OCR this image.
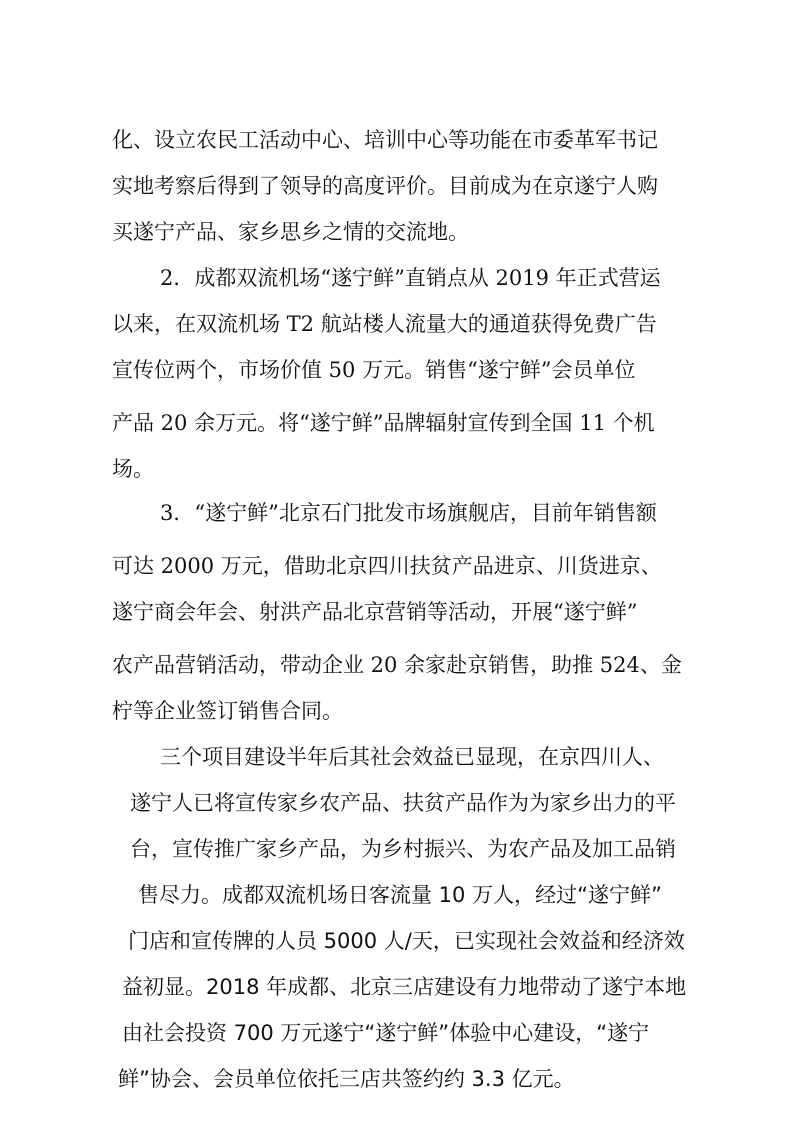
化、设立农民工活动中心、培训中心等功能在市委革军书记
实地考察后得到了领导的高度评价。目前成为在京遂宁人购
买遂宁产品、家乡思乡之情的交流地。
2．成都双流机场“遂宁鲜”直销点从 2019 年正式营运
以来，在双流机场 T2 航站楼人流量大的通道获得免费广告
宣传位两个，市场价值 50 万元。销售“遂宁鲜”会员单位
产品 20 余万元。将“遂宁鲜”品牌辐射宣传到全国 11 个机
场。
3．“遂宁鲜”北京石门批发市场旗舰店，目前年销售额
可达 2000 万元，借助北京四川扶贫产品进京、川货进京、
遂宁商会年会、射洪产品北京营销等活动，开展“遂宁鲜”
农产品营销活动，带动企业 20 余家赴京销售，助推 524、金
柠等企业签订销售合同。
三个项目建设半年后其社会效益已显现，在京四川人、
遂宁人已将宣传家乡农产品、扶贫产品作为为家乡出力的平
台，宣传推广家乡产品，为乡村振兴、为农产品及加工品销
售尽力。成都双流机场日客流量 10 万人，经过“遂宁鲜”
门店和宣传牌的人员 5000 人/天，已实现社会效益和经济效
益初显。2018 年成都、北京三店建设有力地带动了遂宁本地
由社会投资 700 万元遂宁“遂宁鲜”体验中心建设，“遂宁
鲜”协会、会员单位依托三店共签约约 3.3 亿元。
